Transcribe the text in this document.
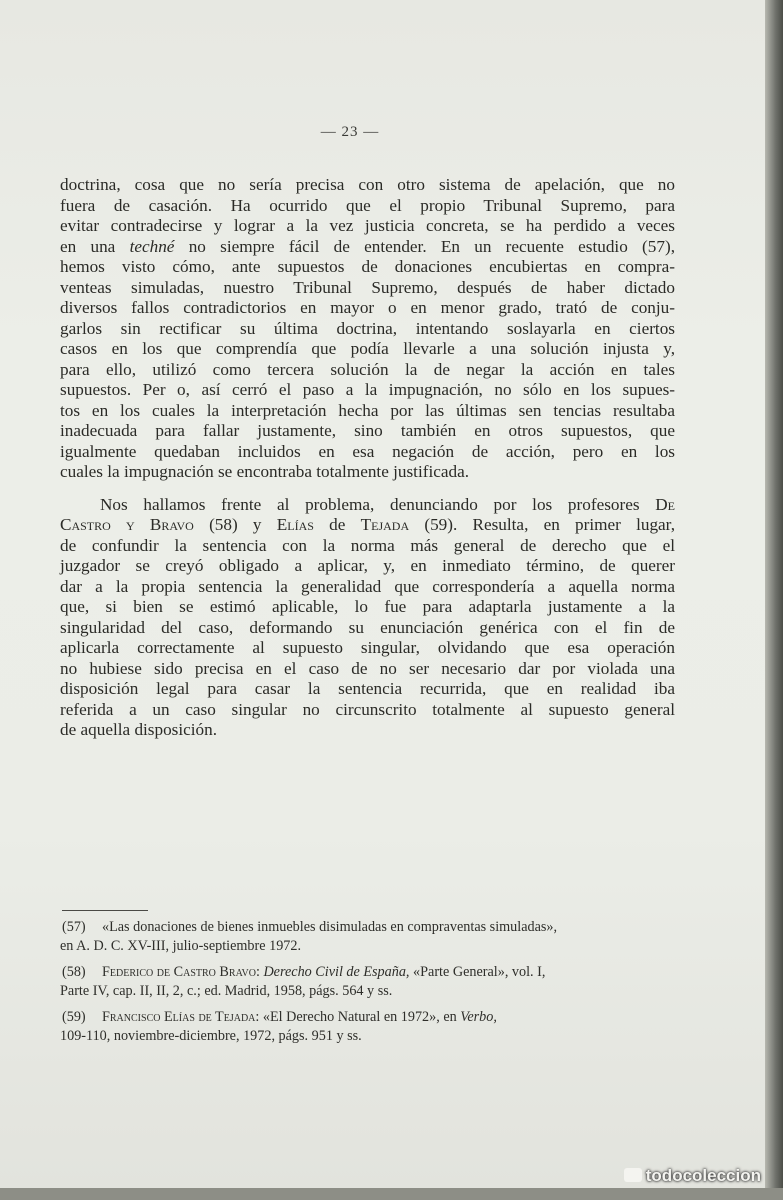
— 23 —
doctrina, cosa que no sería precisa con otro sistema de apelación, que no
fuera de casación. Ha ocurrido que el propio Tribunal Supremo, para
evitar contradecirse y lograr a la vez justicia concreta, se ha perdido a veces
en una techné no siempre fácil de entender. En un recuente estudio (57),
hemos visto cómo, ante supuestos de donaciones encubiertas en compra-
venteas simuladas, nuestro Tribunal Supremo, después de haber dictado
diversos fallos contradictorios en mayor o en menor grado, trató de conju-
garlos sin rectificar su última doctrina, intentando soslayarla en ciertos
casos en los que comprendía que podía llevarle a una solución injusta y,
para ello, utilizó como tercera solución la de negar la acción en tales
supuestos. Per o, así cerró el paso a la impugnación, no sólo en los supues-
tos en los cuales la interpretación hecha por las últimas sen tencias resultaba
inadecuada para fallar justamente, sino también en otros supuestos, que
igualmente quedaban incluidos en esa negación de acción, pero en los
cuales la impugnación se encontraba totalmente justificada.
Nos hallamos frente al problema, denunciando por los profesores De
Castro y Bravo (58) y Elías de Tejada (59). Resulta, en primer lugar,
de confundir la sentencia con la norma más general de derecho que el
juzgador se creyó obligado a aplicar, y, en inmediato término, de querer
dar a la propia sentencia la generalidad que correspondería a aquella norma
que, si bien se estimó aplicable, lo fue para adaptarla justamente a la
singularidad del caso, deformando su enunciación genérica con el fin de
aplicarla correctamente al supuesto singular, olvidando que esa operación
no hubiese sido precisa en el caso de no ser necesario dar por violada una
disposición legal para casar la sentencia recurrida, que en realidad iba
referida a un caso singular no circunscrito totalmente al supuesto general
de aquella disposición.
(57) «Las donaciones de bienes inmuebles disimuladas en compraventas simuladas»,
en A. D. C. XV-III, julio-septiembre 1972.
(58) Federico de Castro Bravo: Derecho Civil de España, «Parte General», vol. I,
Parte IV, cap. II, II, 2, c.; ed. Madrid, 1958, págs. 564 y ss.
(59) Francisco Elías de Tejada: «El Derecho Natural en 1972», en Verbo,
109-110, noviembre-diciembre, 1972, págs. 951 y ss.
todocoleccion
